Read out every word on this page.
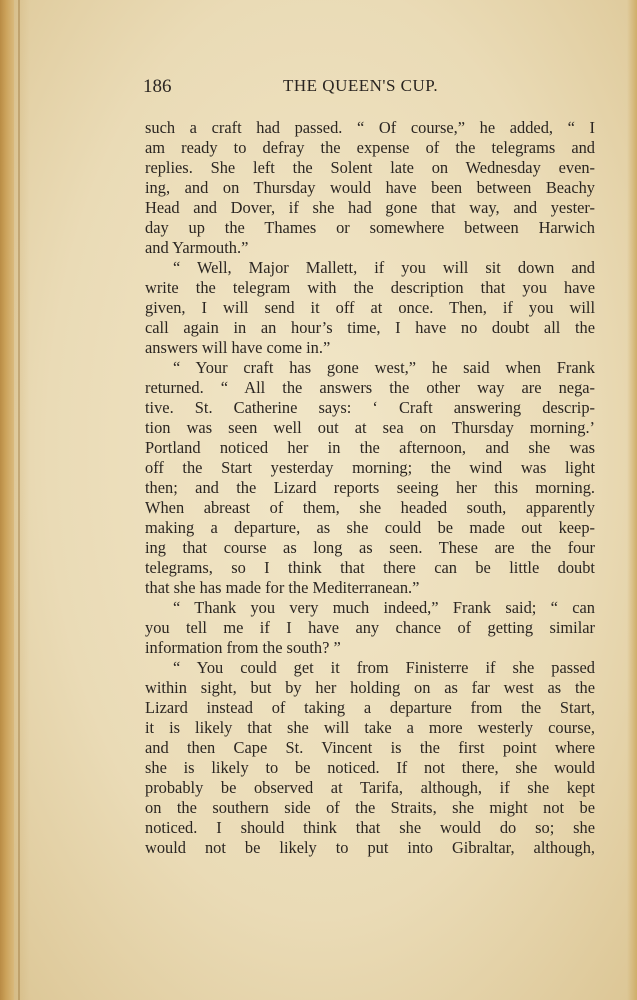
186	THE QUEEN'S CUP.
such a craft had passed. “ Of course,” he added, “ I
am ready to defray the expense of the telegrams and
replies. She left the Solent late on Wednesday even-
ing, and on Thursday would have been between Beachy
Head and Dover, if she had gone that way, and yester-
day up the Thames or somewhere between Harwich
and Yarmouth.”
“ Well, Major Mallett, if you will sit down and
write the telegram with the description that you have
given, I will send it off at once. Then, if you will
call again in an hour’s time, I have no doubt all the
answers will have come in.”
“ Your craft has gone west,” he said when Frank
returned. “ All the answers the other way are nega-
tive. St. Catherine says: ‘ Craft answering descrip-
tion was seen well out at sea on Thursday morning.’
Portland noticed her in the afternoon, and she was
off the Start yesterday morning; the wind was light
then; and the Lizard reports seeing her this morning.
When abreast of them, she headed south, apparently
making a departure, as she could be made out keep-
ing that course as long as seen. These are the four
telegrams, so I think that there can be little doubt
that she has made for the Mediterranean.”
“ Thank you very much indeed,” Frank said; “ can
you tell me if I have any chance of getting similar
information from the south? ”
“ You could get it from Finisterre if she passed
within sight, but by her holding on as far west as the
Lizard instead of taking a departure from the Start,
it is likely that she will take a more westerly course,
and then Cape St. Vincent is the first point where
she is likely to be noticed. If not there, she would
probably be observed at Tarifa, although, if she kept
on the southern side of the Straits, she might not be
noticed. I should think that she would do so; she
would not be likely to put into Gibraltar, although,
